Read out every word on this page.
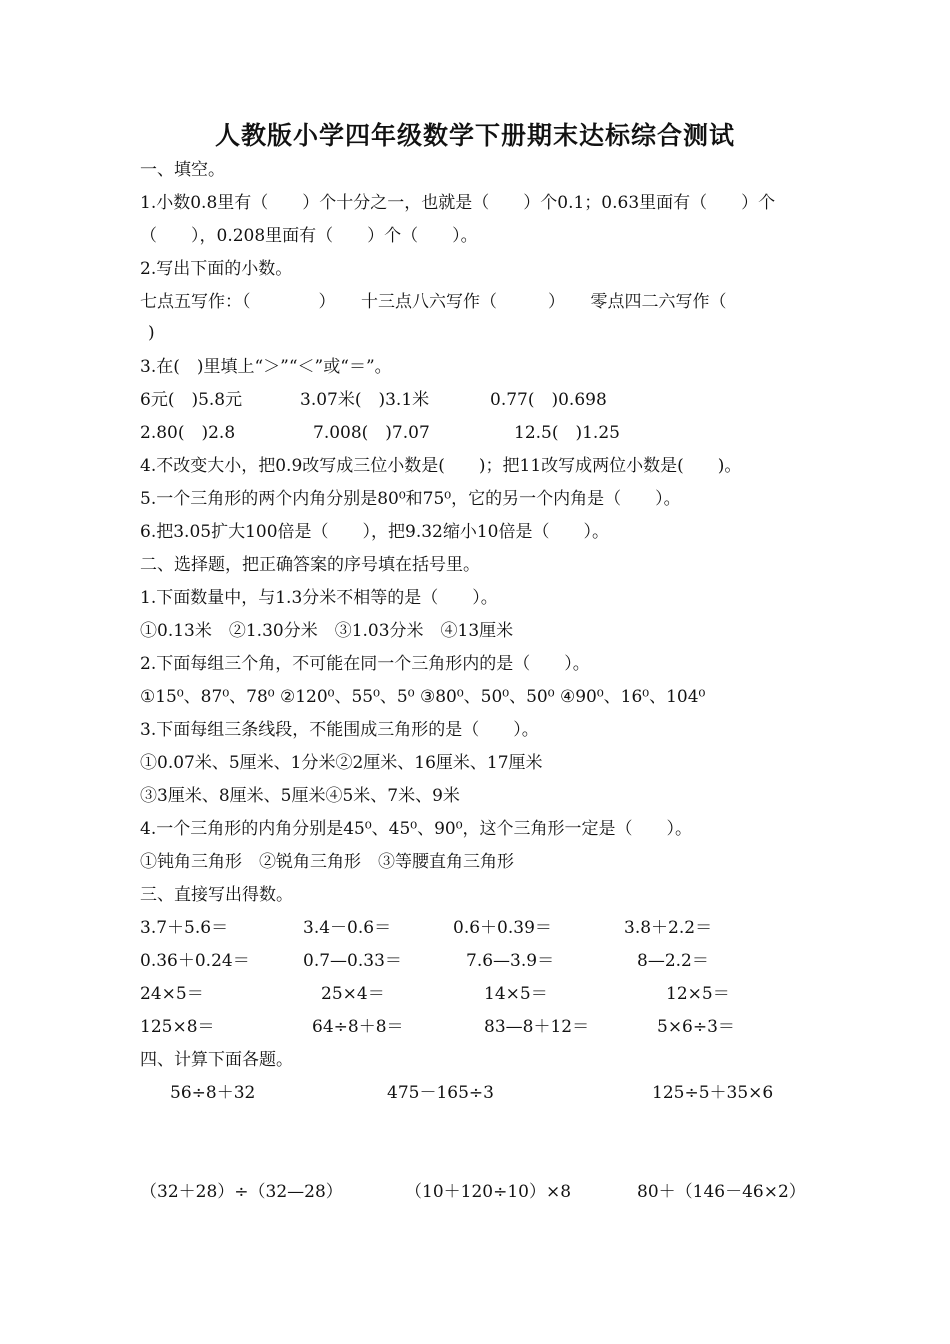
人教版小学四年级数学下册期末达标综合测试
一、填空。
1.小数0.8里有（　　）个十分之一，也就是（　　）个0.1；0.63里面有（　　）个
（　　），0.208里面有（　　）个（　　）。
2.写出下面的小数。
七点五写作：（　　　　）　　十三点八六写作（　　　）　　零点四二六写作（
)
3.在(　)里填上“＞”“＜”或“＝”。
6元(　)5.8元	3.07米(　)3.1米	0.77(　)0.698
2.80(　)2.8	7.008(　)7.07	12.5(　)1.25
4.不改变大小，把0.9改写成三位小数是(　　)；把11改写成两位小数是(　　)。
5.一个三角形的两个内角分别是80⁰和75⁰，它的另一个内角是（　　）。
6.把3.05扩大100倍是（　　），把9.32缩小10倍是（　　）。
二、选择题，把正确答案的序号填在括号里。
1.下面数量中，与1.3分米不相等的是（　　）。
①0.13米　②1.30分米　③1.03分米　④13厘米
2.下面每组三个角，不可能在同一个三角形内的是（　　）。
①15⁰、87⁰、78⁰ ②120⁰、55⁰、5⁰ ③80⁰、50⁰、50⁰ ④90⁰、16⁰、104⁰
3.下面每组三条线段，不能围成三角形的是（　　）。
①0.07米、5厘米、1分米②2厘米、16厘米、17厘米
③3厘米、8厘米、5厘米④5米、7米、9米
4.一个三角形的内角分别是45⁰、45⁰、90⁰，这个三角形一定是（　　）。
①钝角三角形　②锐角三角形　③等腰直角三角形
三、直接写出得数。
3.7＋5.6＝	3.4－0.6＝	0.6＋0.39＝	3.8＋2.2＝
0.36＋0.24＝	0.7—0.33＝	7.6—3.9＝	8—2.2＝
24×5＝	25×4＝	14×5＝	12×5＝
125×8＝	64÷8＋8＝	83—8＋12＝	5×6÷3＝
四、计算下面各题。
56÷8＋32	475－165÷3	125÷5＋35×6
（32＋28）÷（32—28）	（10＋120÷10）×8	80＋（146－46×2）
